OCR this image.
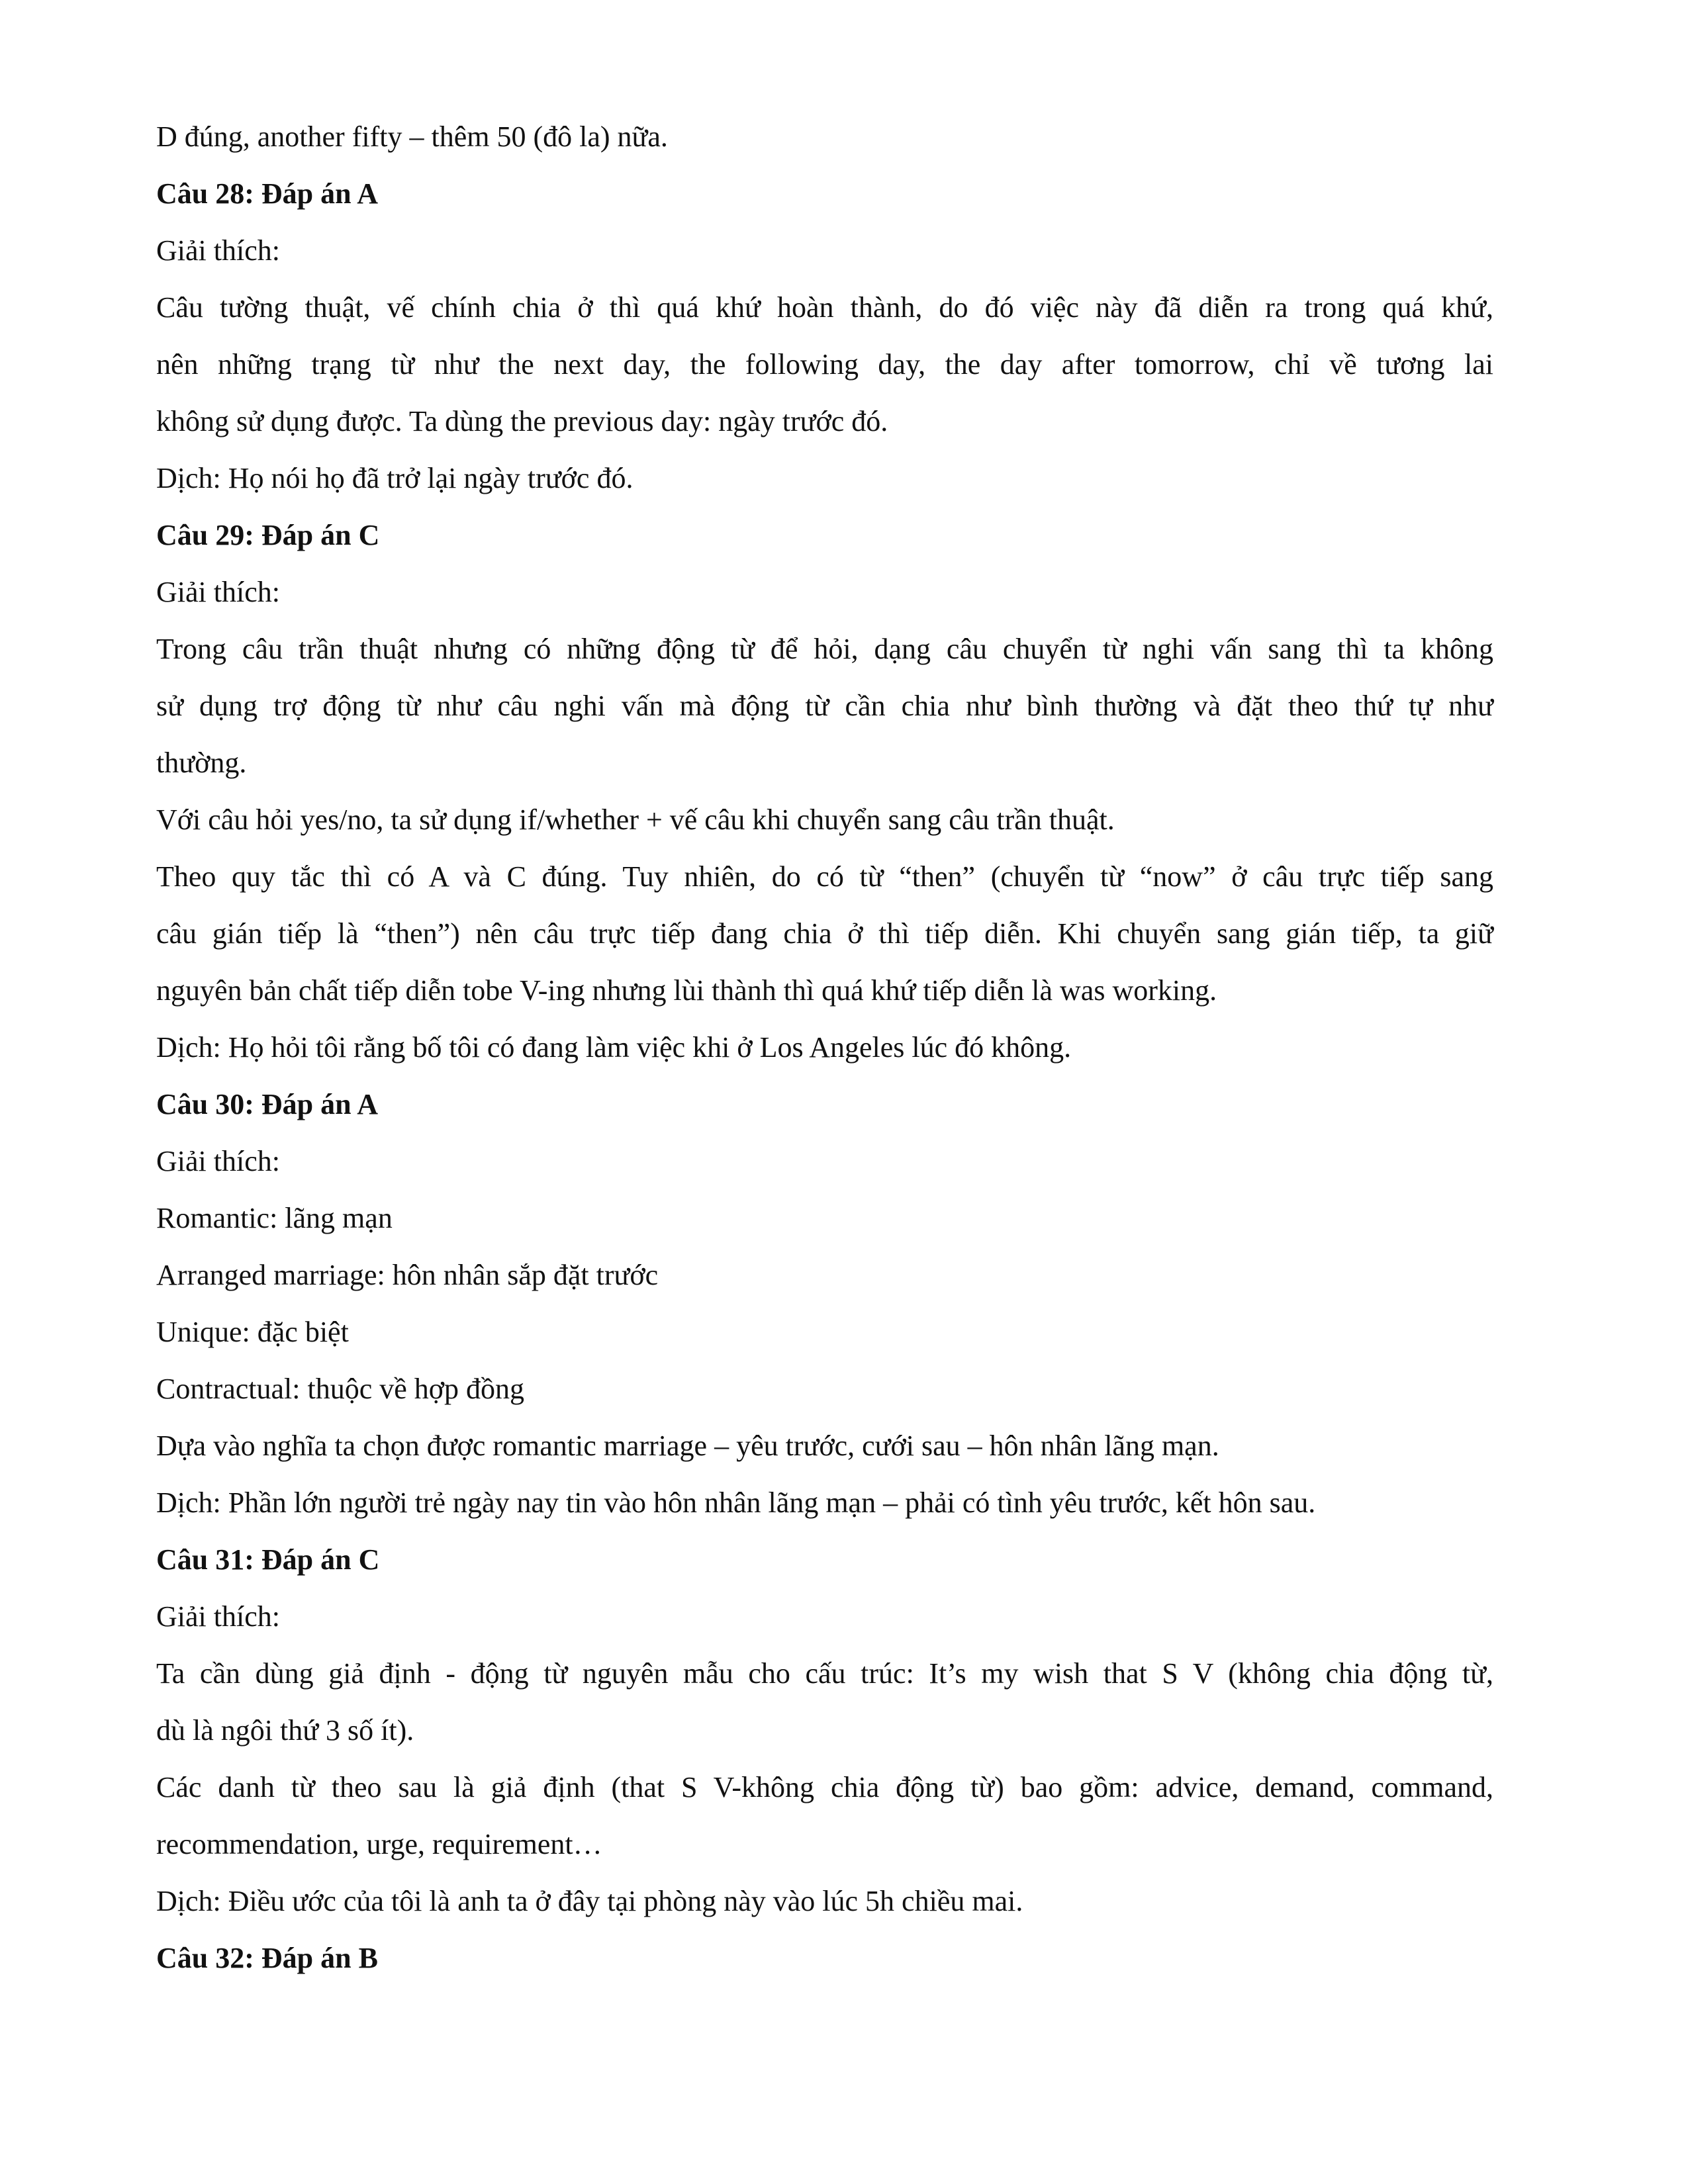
D đúng, another fifty – thêm 50 (đô la) nữa.
Câu 28: Đáp án A
Giải thích:
Câu tường thuật, vế chính chia ở thì quá khứ hoàn thành, do đó việc này đã diễn ra trong quá khứ,
nên những trạng từ như the next day, the following day, the day after tomorrow, chỉ về tương lai
không sử dụng được. Ta dùng the previous day: ngày trước đó.
Dịch: Họ nói họ đã trở lại ngày trước đó.
Câu 29: Đáp án C
Giải thích:
Trong câu trần thuật nhưng có những động từ để hỏi, dạng câu chuyển từ nghi vấn sang thì ta không
sử dụng trợ động từ như câu nghi vấn mà động từ cần chia như bình thường và đặt theo thứ tự như
thường.
Với câu hỏi yes/no, ta sử dụng if/whether + vế câu khi chuyển sang câu trần thuật.
Theo quy tắc thì có A và C đúng. Tuy nhiên, do có từ “then” (chuyển từ “now” ở câu trực tiếp sang
câu gián tiếp là “then”) nên câu trực tiếp đang chia ở thì tiếp diễn. Khi chuyển sang gián tiếp, ta giữ
nguyên bản chất tiếp diễn tobe V-ing nhưng lùi thành thì quá khứ tiếp diễn là was working.
Dịch: Họ hỏi tôi rằng bố tôi có đang làm việc khi ở Los Angeles lúc đó không.
Câu 30: Đáp án A
Giải thích:
Romantic: lãng mạn
Arranged marriage: hôn nhân sắp đặt trước
Unique: đặc biệt
Contractual: thuộc về hợp đồng
Dựa vào nghĩa ta chọn được romantic marriage – yêu trước, cưới sau – hôn nhân lãng mạn.
Dịch: Phần lớn người trẻ ngày nay tin vào hôn nhân lãng mạn – phải có tình yêu trước, kết hôn sau.
Câu 31: Đáp án C
Giải thích:
Ta cần dùng giả định - động từ nguyên mẫu cho cấu trúc: It’s my wish that S V (không chia động từ,
dù là ngôi thứ 3 số ít).
Các danh từ theo sau là giả định (that S V-không chia động từ) bao gồm: advice, demand, command,
recommendation, urge, requirement…
Dịch: Điều ước của tôi là anh ta ở đây tại phòng này vào lúc 5h chiều mai.
Câu 32: Đáp án B
